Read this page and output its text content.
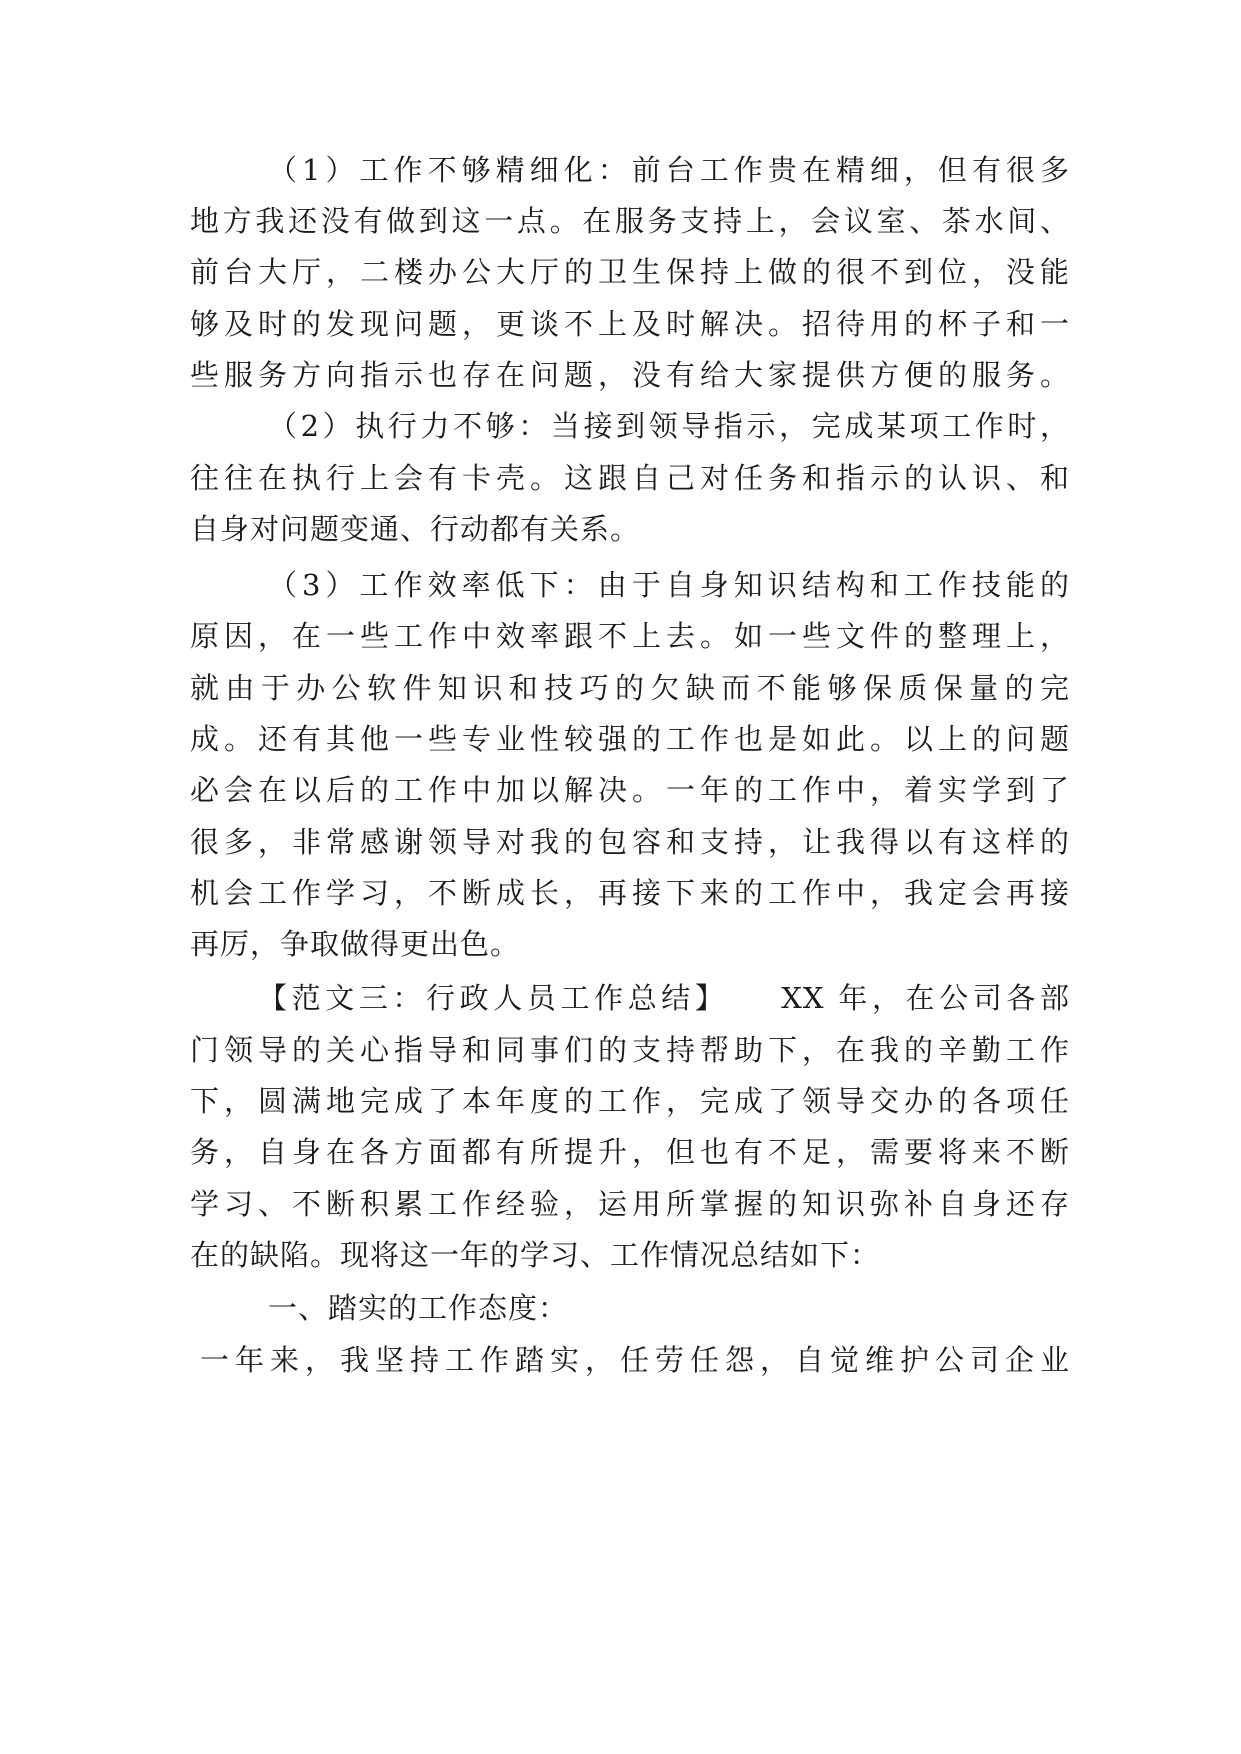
（1）工作不够精细化：前台工作贵在精细，但有很多

地方我还没有做到这一点。在服务支持上，会议室、茶水间、

前台大厅，二楼办公大厅的卫生保持上做的很不到位，没能

够及时的发现问题，更谈不上及时解决。招待用的杯子和一

些服务方向指示也存在问题，没有给大家提供方便的服务。

（2）执行力不够：当接到领导指示，完成某项工作时，

往往在执行上会有卡壳。这跟自己对任务和指示的认识、和

自身对问题变通、行动都有关系。

（3）工作效率低下：由于自身知识结构和工作技能的

原因，在一些工作中效率跟不上去。如一些文件的整理上，

就由于办公软件知识和技巧的欠缺而不能够保质保量的完

成。还有其他一些专业性较强的工作也是如此。以上的问题

必会在以后的工作中加以解决。一年的工作中，着实学到了

很多，非常感谢领导对我的包容和支持，让我得以有这样的

机会工作学习，不断成长，再接下来的工作中，我定会再接

再厉，争取做得更出色。

【范文三：行政人员工作总结】　　XX 年，在公司各部

门领导的关心指导和同事们的支持帮助下，在我的辛勤工作

下，圆满地完成了本年度的工作，完成了领导交办的各项任

务，自身在各方面都有所提升，但也有不足，需要将来不断

学习、不断积累工作经验，运用所掌握的知识弥补自身还存

在的缺陷。现将这一年的学习、工作情况总结如下：

一、踏实的工作态度：

一年来，我坚持工作踏实，任劳任怨，自觉维护公司企业
